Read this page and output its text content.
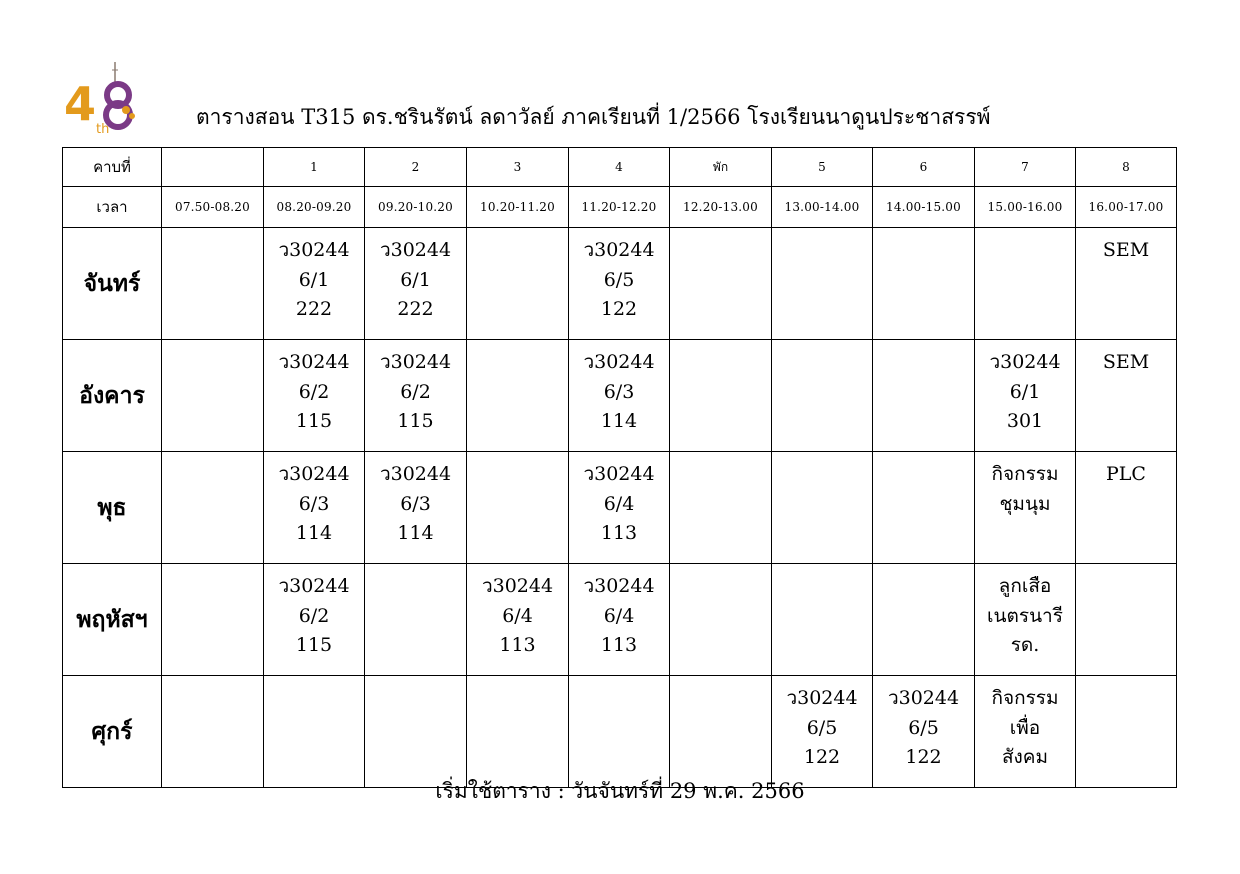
4 th
ตารางสอน T315 ดร.ชรินรัตน์ ลดาวัลย์ ภาคเรียนที่ 1/2566 โรงเรียนนาดูนประชาสรรพ์
คาบที่		1	2	3	4	พัก	5	6	7	8
เวลา	07.50-08.20	08.20-09.20	09.20-10.20	10.20-11.20	11.20-12.20	12.20-13.00	13.00-14.00	14.00-15.00	15.00-16.00	16.00-17.00
จันทร์		ว30244
6/1
222	ว30244
6/1
222		ว30244
6/5
122					SEM

อังคาร		ว30244
6/2
115	ว30244
6/2
115		ว30244
6/3
114				ว30244
6/1
301	SEM

พุธ		ว30244
6/3
114	ว30244
6/3
114		ว30244
6/4
113				กิจกรรม
ชุมนุม	PLC

พฤหัสฯ		ว30244
6/2
115		ว30244
6/4
113	ว30244
6/4
113				ลูกเสือ
เนตรนารี
รด.	

ศุกร์							ว30244
6/5
122	ว30244
6/5
122	กิจกรรม
เพื่อ
สังคม	

เริ่มใช้ตาราง : วันจันทร์ที่ 29 พ.ค. 2566
